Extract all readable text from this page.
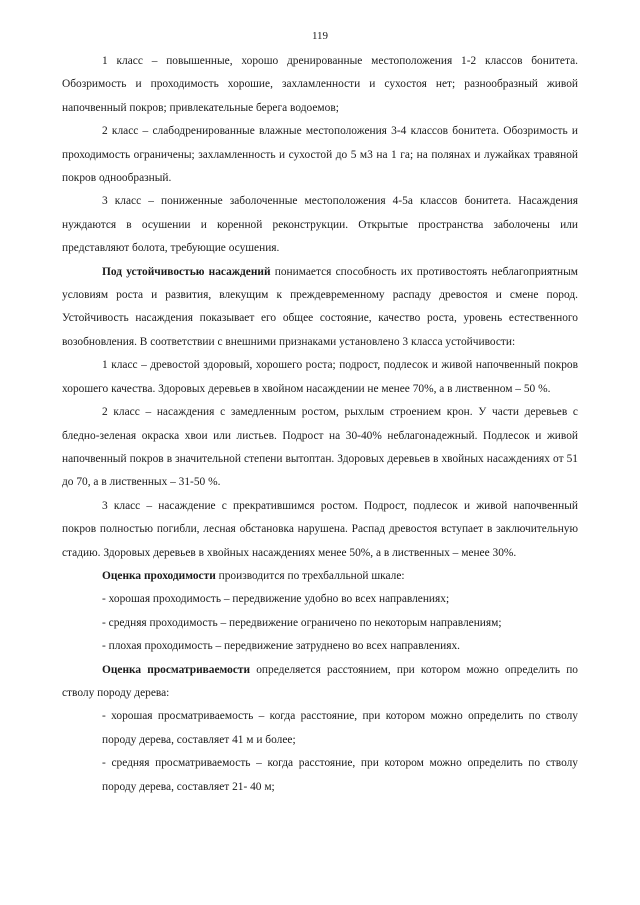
119

1 класс – повышенные, хорошо дренированные местоположения 1-2 классов бонитета. Обозримость и проходимость хорошие, захламленности и сухостоя нет; разнообразный живой напочвенный покров; привлекательные берега водоемов;

2 класс – слабодренированные влажные местоположения 3-4 классов бонитета. Обозримость и проходимость ограничены; захламленность и сухостой до 5 м3 на 1 га; на полянах и лужайках травяной покров однообразный.

3 класс – пониженные заболоченные местоположения 4-5а классов бонитета. Насаждения нуждаются в осушении и коренной реконструкции. Открытые пространства заболочены или представляют болота, требующие осушения.

Под устойчивостью насаждений понимается способность их противостоять неблагоприятным условиям роста и развития, влекущим к преждевременному распаду древостоя и смене пород. Устойчивость насаждения показывает его общее состояние, качество роста, уровень естественного возобновления. В соответствии с внешними признаками установлено 3 класса устойчивости:

1 класс – древостой здоровый, хорошего роста; подрост, подлесок и живой напочвенный покров хорошего качества. Здоровых деревьев в хвойном насаждении не менее 70%, а в лиственном – 50 %.

2 класс – насаждения с замедленным ростом, рыхлым строением крон. У части деревьев с бледно-зеленая окраска хвои или листьев. Подрост на 30-40% неблагонадежный. Подлесок и живой напочвенный покров в значительной степени вытоптан. Здоровых деревьев в хвойных насаждениях от 51 до 70, а в лиственных – 31-50 %.

3 класс – насаждение с прекратившимся ростом. Подрост, подлесок и живой напочвенный покров полностью погибли, лесная обстановка нарушена. Распад древостоя вступает в заключительную стадию. Здоровых деревьев в хвойных насаждениях менее 50%, а в лиственных – менее 30%.

Оценка проходимости производится по трехбалльной шкале:

- хорошая проходимость – передвижение удобно во всех направлениях;

- средняя проходимость – передвижение ограничено по некоторым направлениям;

- плохая проходимость – передвижение затруднено во всех направлениях.

Оценка просматриваемости определяется расстоянием, при котором можно определить по стволу породу дерева:

- хорошая просматриваемость – когда расстояние, при котором можно определить по стволу породу дерева, составляет 41 м и более;

- средняя просматриваемость – когда расстояние, при котором можно определить по стволу породу дерева, составляет 21- 40 м;
